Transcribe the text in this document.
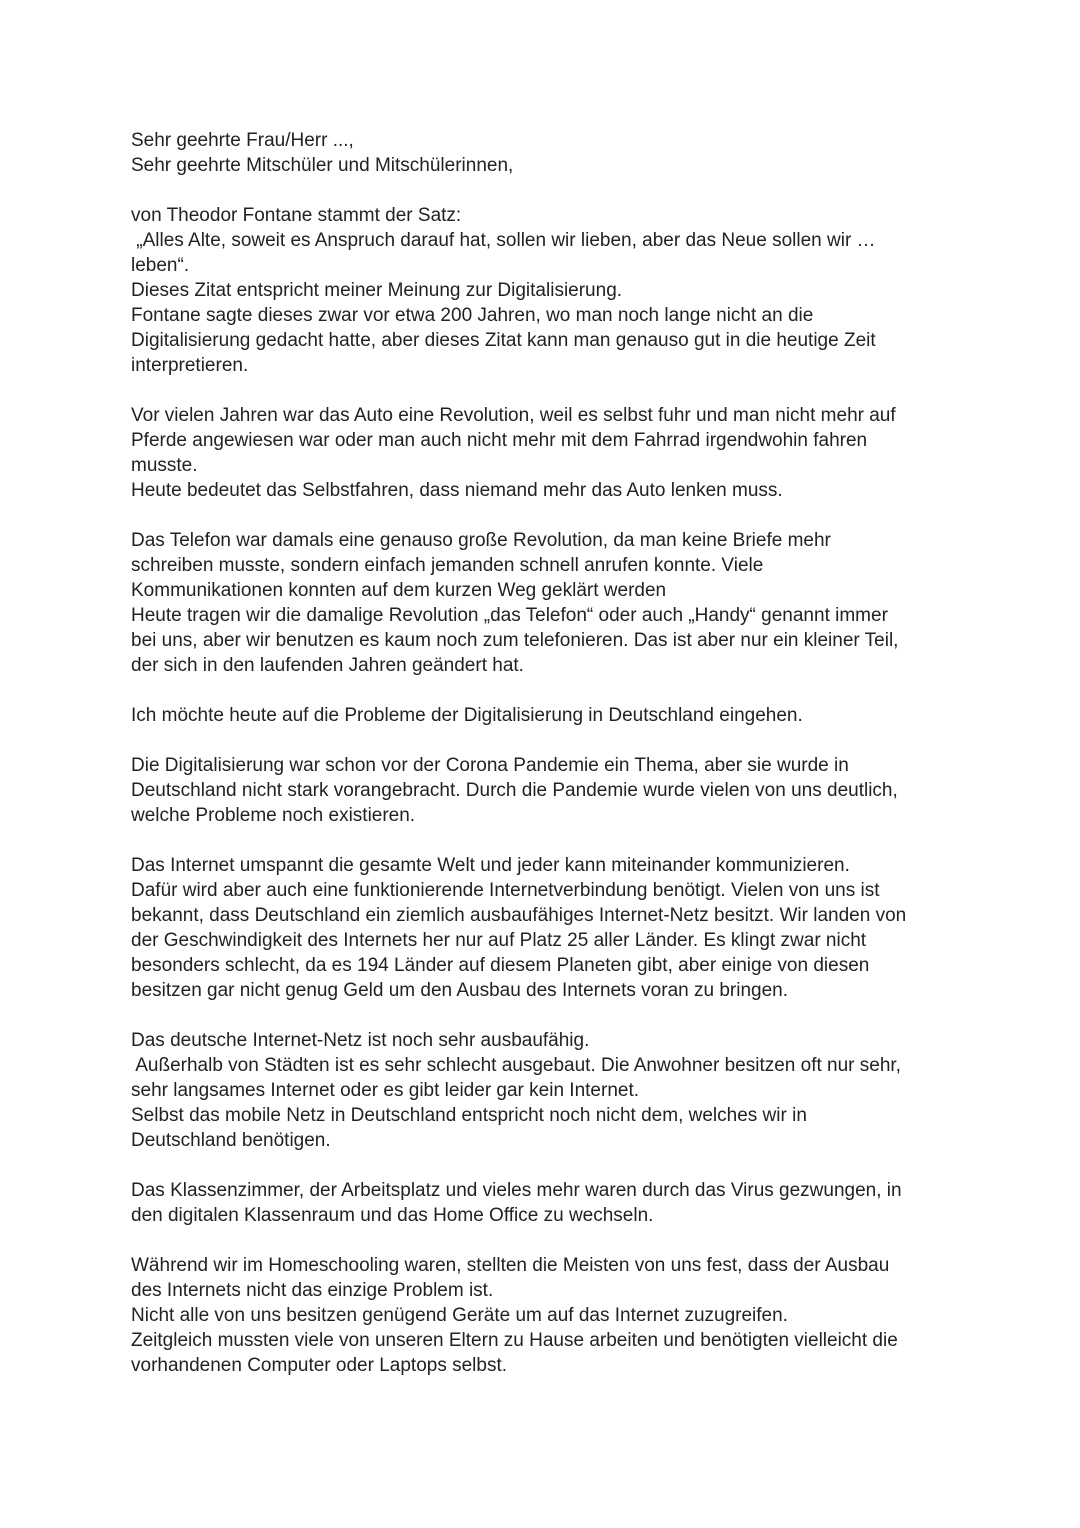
Sehr geehrte Frau/Herr ...,
Sehr geehrte Mitschüler und Mitschülerinnen,
von Theodor Fontane stammt der Satz:
„Alles Alte, soweit es Anspruch darauf hat, sollen wir lieben, aber das Neue sollen wir …
leben“.
Dieses Zitat entspricht meiner Meinung zur Digitalisierung.
Fontane sagte dieses zwar vor etwa 200 Jahren, wo man noch lange nicht an die
Digitalisierung gedacht hatte, aber dieses Zitat kann man genauso gut in die heutige Zeit
interpretieren.
Vor vielen Jahren war das Auto eine Revolution, weil es selbst fuhr und man nicht mehr auf
Pferde angewiesen war oder man auch nicht mehr mit dem Fahrrad irgendwohin fahren
musste.
Heute bedeutet das Selbstfahren, dass niemand mehr das Auto lenken muss.
Das Telefon war damals eine genauso große Revolution, da man keine Briefe mehr
schreiben musste, sondern einfach jemanden schnell anrufen konnte. Viele
Kommunikationen konnten auf dem kurzen Weg geklärt werden
Heute tragen wir die damalige Revolution „das Telefon“ oder auch „Handy“ genannt immer
bei uns, aber wir benutzen es kaum noch zum telefonieren. Das ist aber nur ein kleiner Teil,
der sich in den laufenden Jahren geändert hat.
Ich möchte heute auf die Probleme der Digitalisierung in Deutschland eingehen.
Die Digitalisierung war schon vor der Corona Pandemie ein Thema, aber sie wurde in
Deutschland nicht stark vorangebracht. Durch die Pandemie wurde vielen von uns deutlich,
welche Probleme noch existieren.
Das Internet umspannt die gesamte Welt und jeder kann miteinander kommunizieren.
Dafür wird aber auch eine funktionierende Internetverbindung benötigt. Vielen von uns ist
bekannt, dass Deutschland ein ziemlich ausbaufähiges Internet-Netz besitzt. Wir landen von
der Geschwindigkeit des Internets her nur auf Platz 25 aller Länder. Es klingt zwar nicht
besonders schlecht, da es 194 Länder auf diesem Planeten gibt, aber einige von diesen
besitzen gar nicht genug Geld um den Ausbau des Internets voran zu bringen.
Das deutsche Internet-Netz ist noch sehr ausbaufähig.
Außerhalb von Städten ist es sehr schlecht ausgebaut. Die Anwohner besitzen oft nur sehr,
sehr langsames Internet oder es gibt leider gar kein Internet.
Selbst das mobile Netz in Deutschland entspricht noch nicht dem, welches wir in
Deutschland benötigen.
Das Klassenzimmer, der Arbeitsplatz und vieles mehr waren durch das Virus gezwungen, in
den digitalen Klassenraum und das Home Office zu wechseln.
Während wir im Homeschooling waren, stellten die Meisten von uns fest, dass der Ausbau
des Internets nicht das einzige Problem ist.
Nicht alle von uns besitzen genügend Geräte um auf das Internet zuzugreifen.
Zeitgleich mussten viele von unseren Eltern zu Hause arbeiten und benötigten vielleicht die
vorhandenen Computer oder Laptops selbst.
